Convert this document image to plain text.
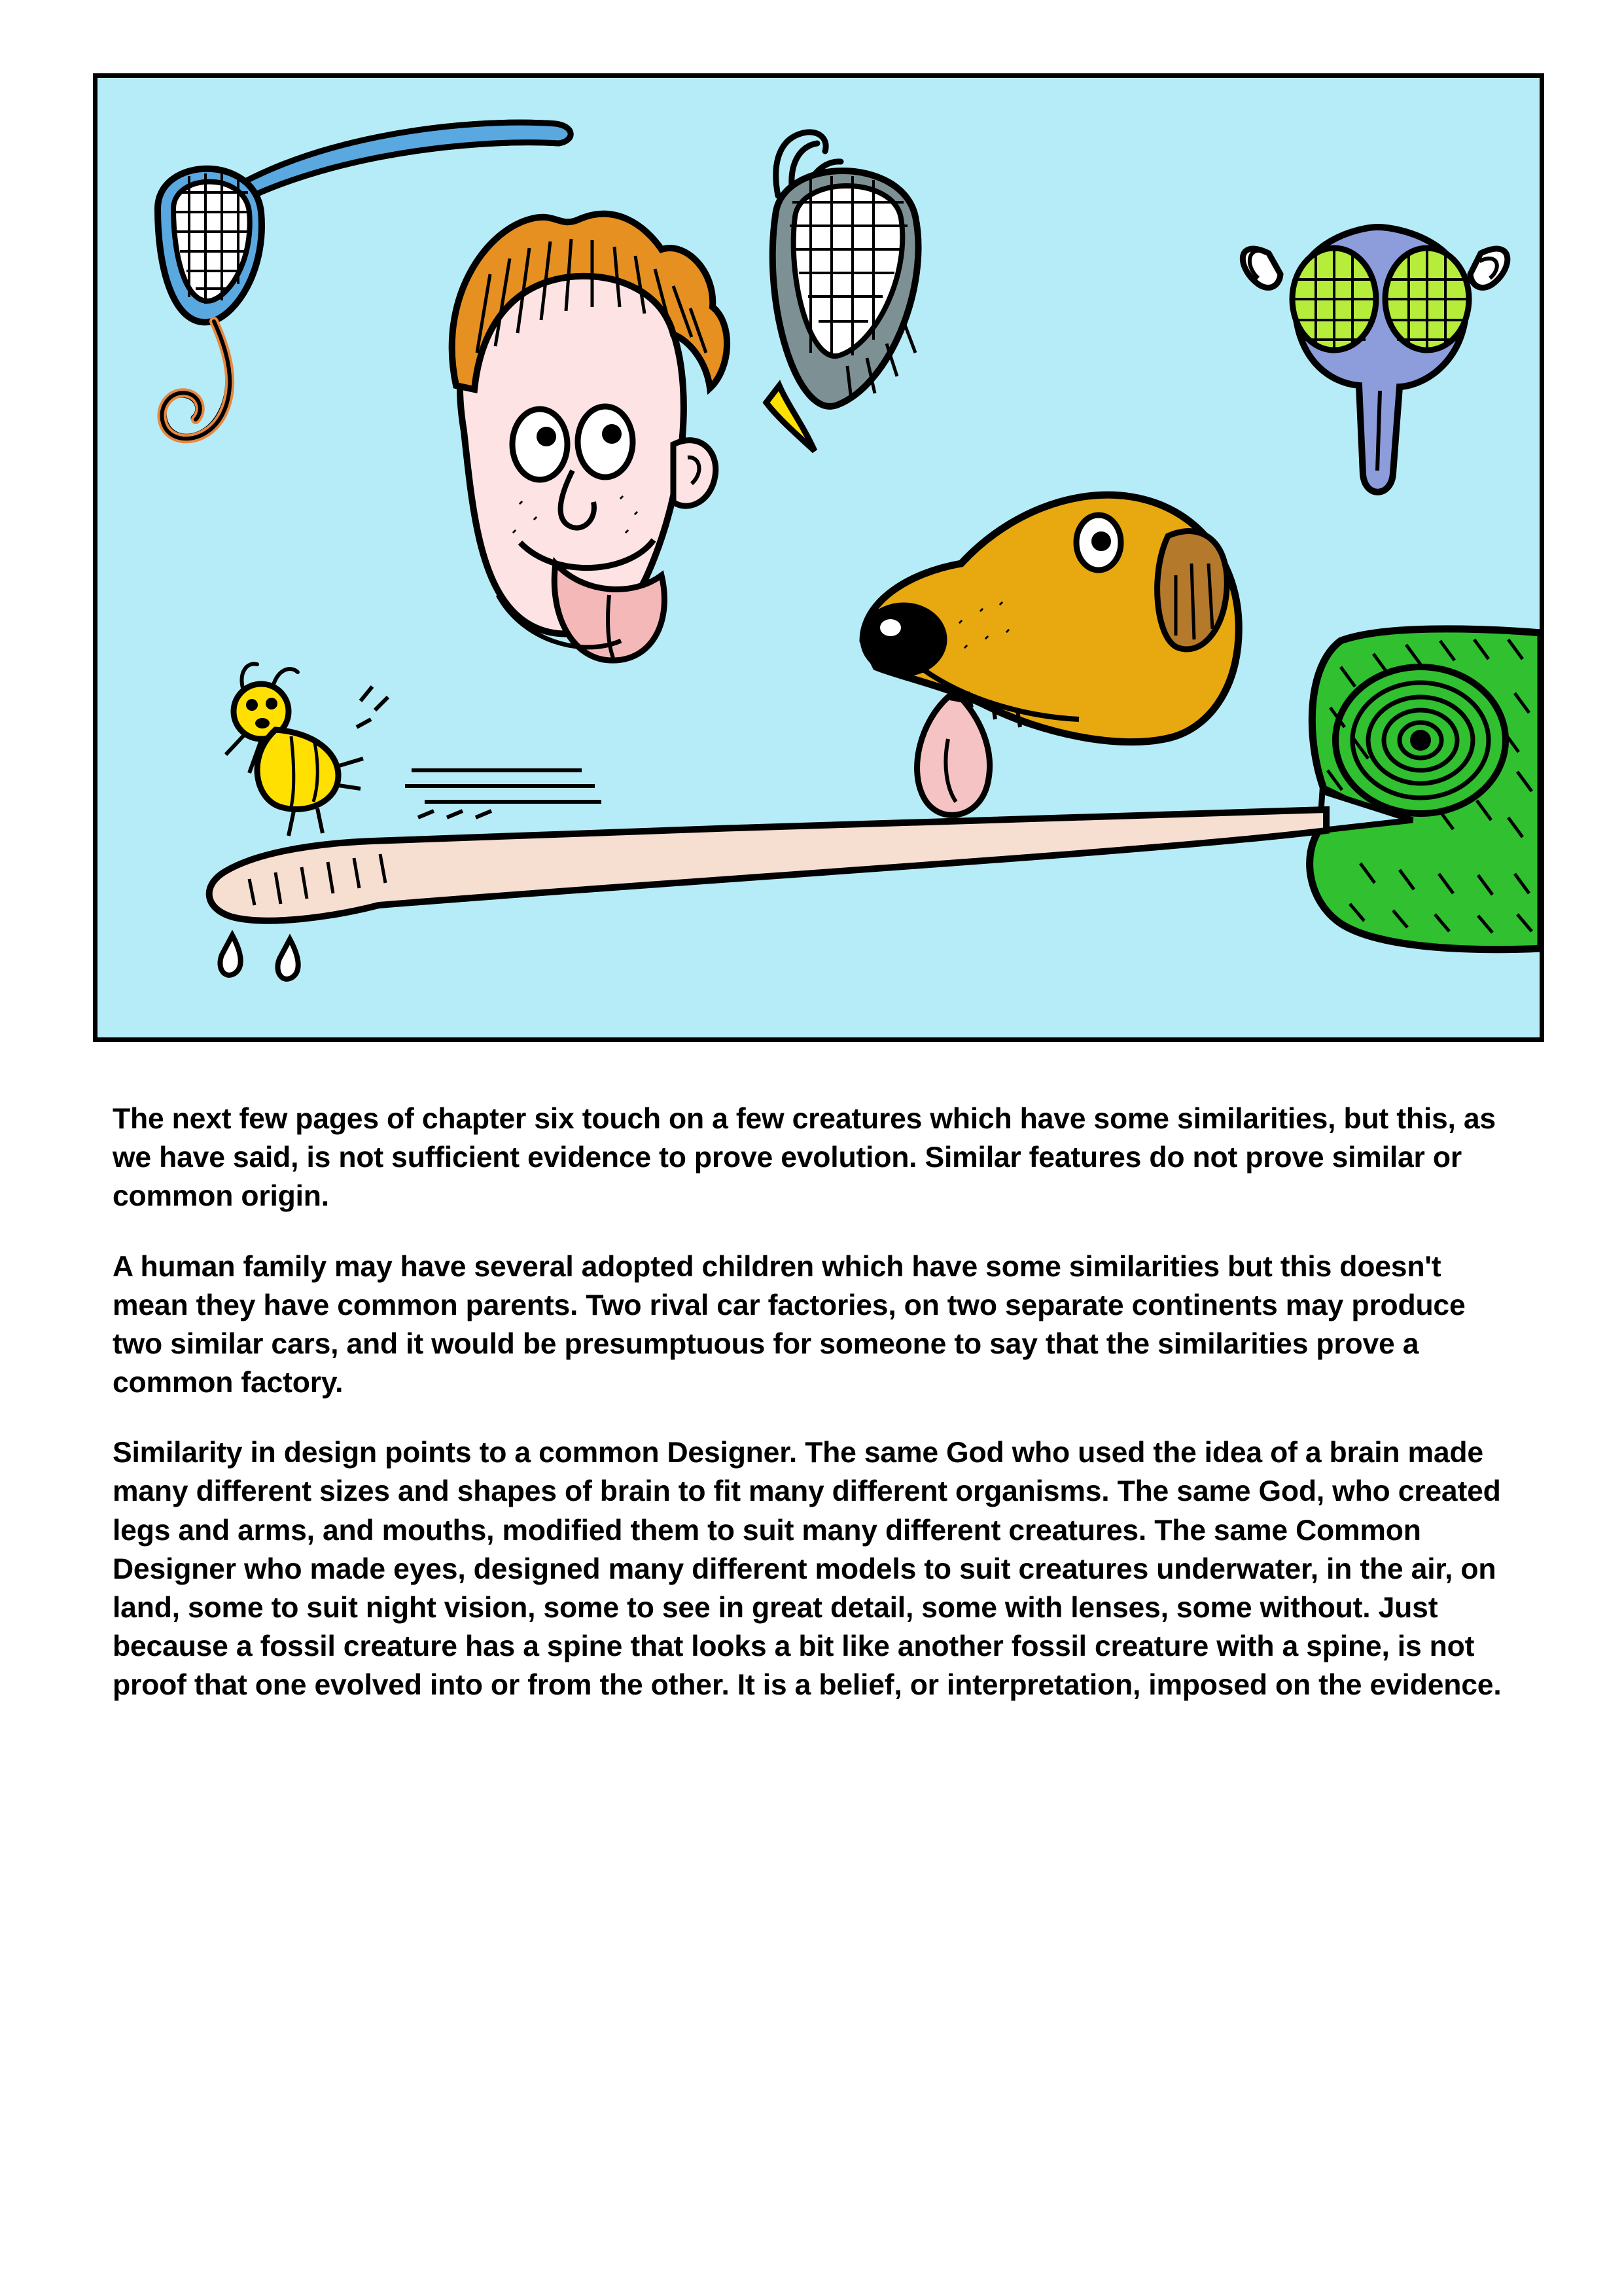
The next few pages of chapter six touch on a few creatures which have some similarities, but this, as we have said, is not sufficient evidence to prove evolution. Similar features do not prove similar or common origin.

A human family may have several adopted children which have some similarities but this doesn't mean they have common parents. Two rival car factories, on two separate continents may produce two similar cars, and it would be presumptuous for someone to say that the similarities prove a common factory.

Similarity in design points to a common Designer. The same God who used the idea of a brain made many different sizes and shapes of brain to fit many different organisms. The same God, who created legs and arms, and mouths, modified them to suit many different creatures. The same Common Designer who made eyes, designed many different models to suit creatures underwater, in the air, on land, some to suit night vision, some to see in great detail, some with lenses, some without. Just because a fossil creature has a spine that looks a bit like another fossil creature with a spine, is not proof that one evolved into or from the other. It is a belief, or interpretation, imposed on the evidence.
